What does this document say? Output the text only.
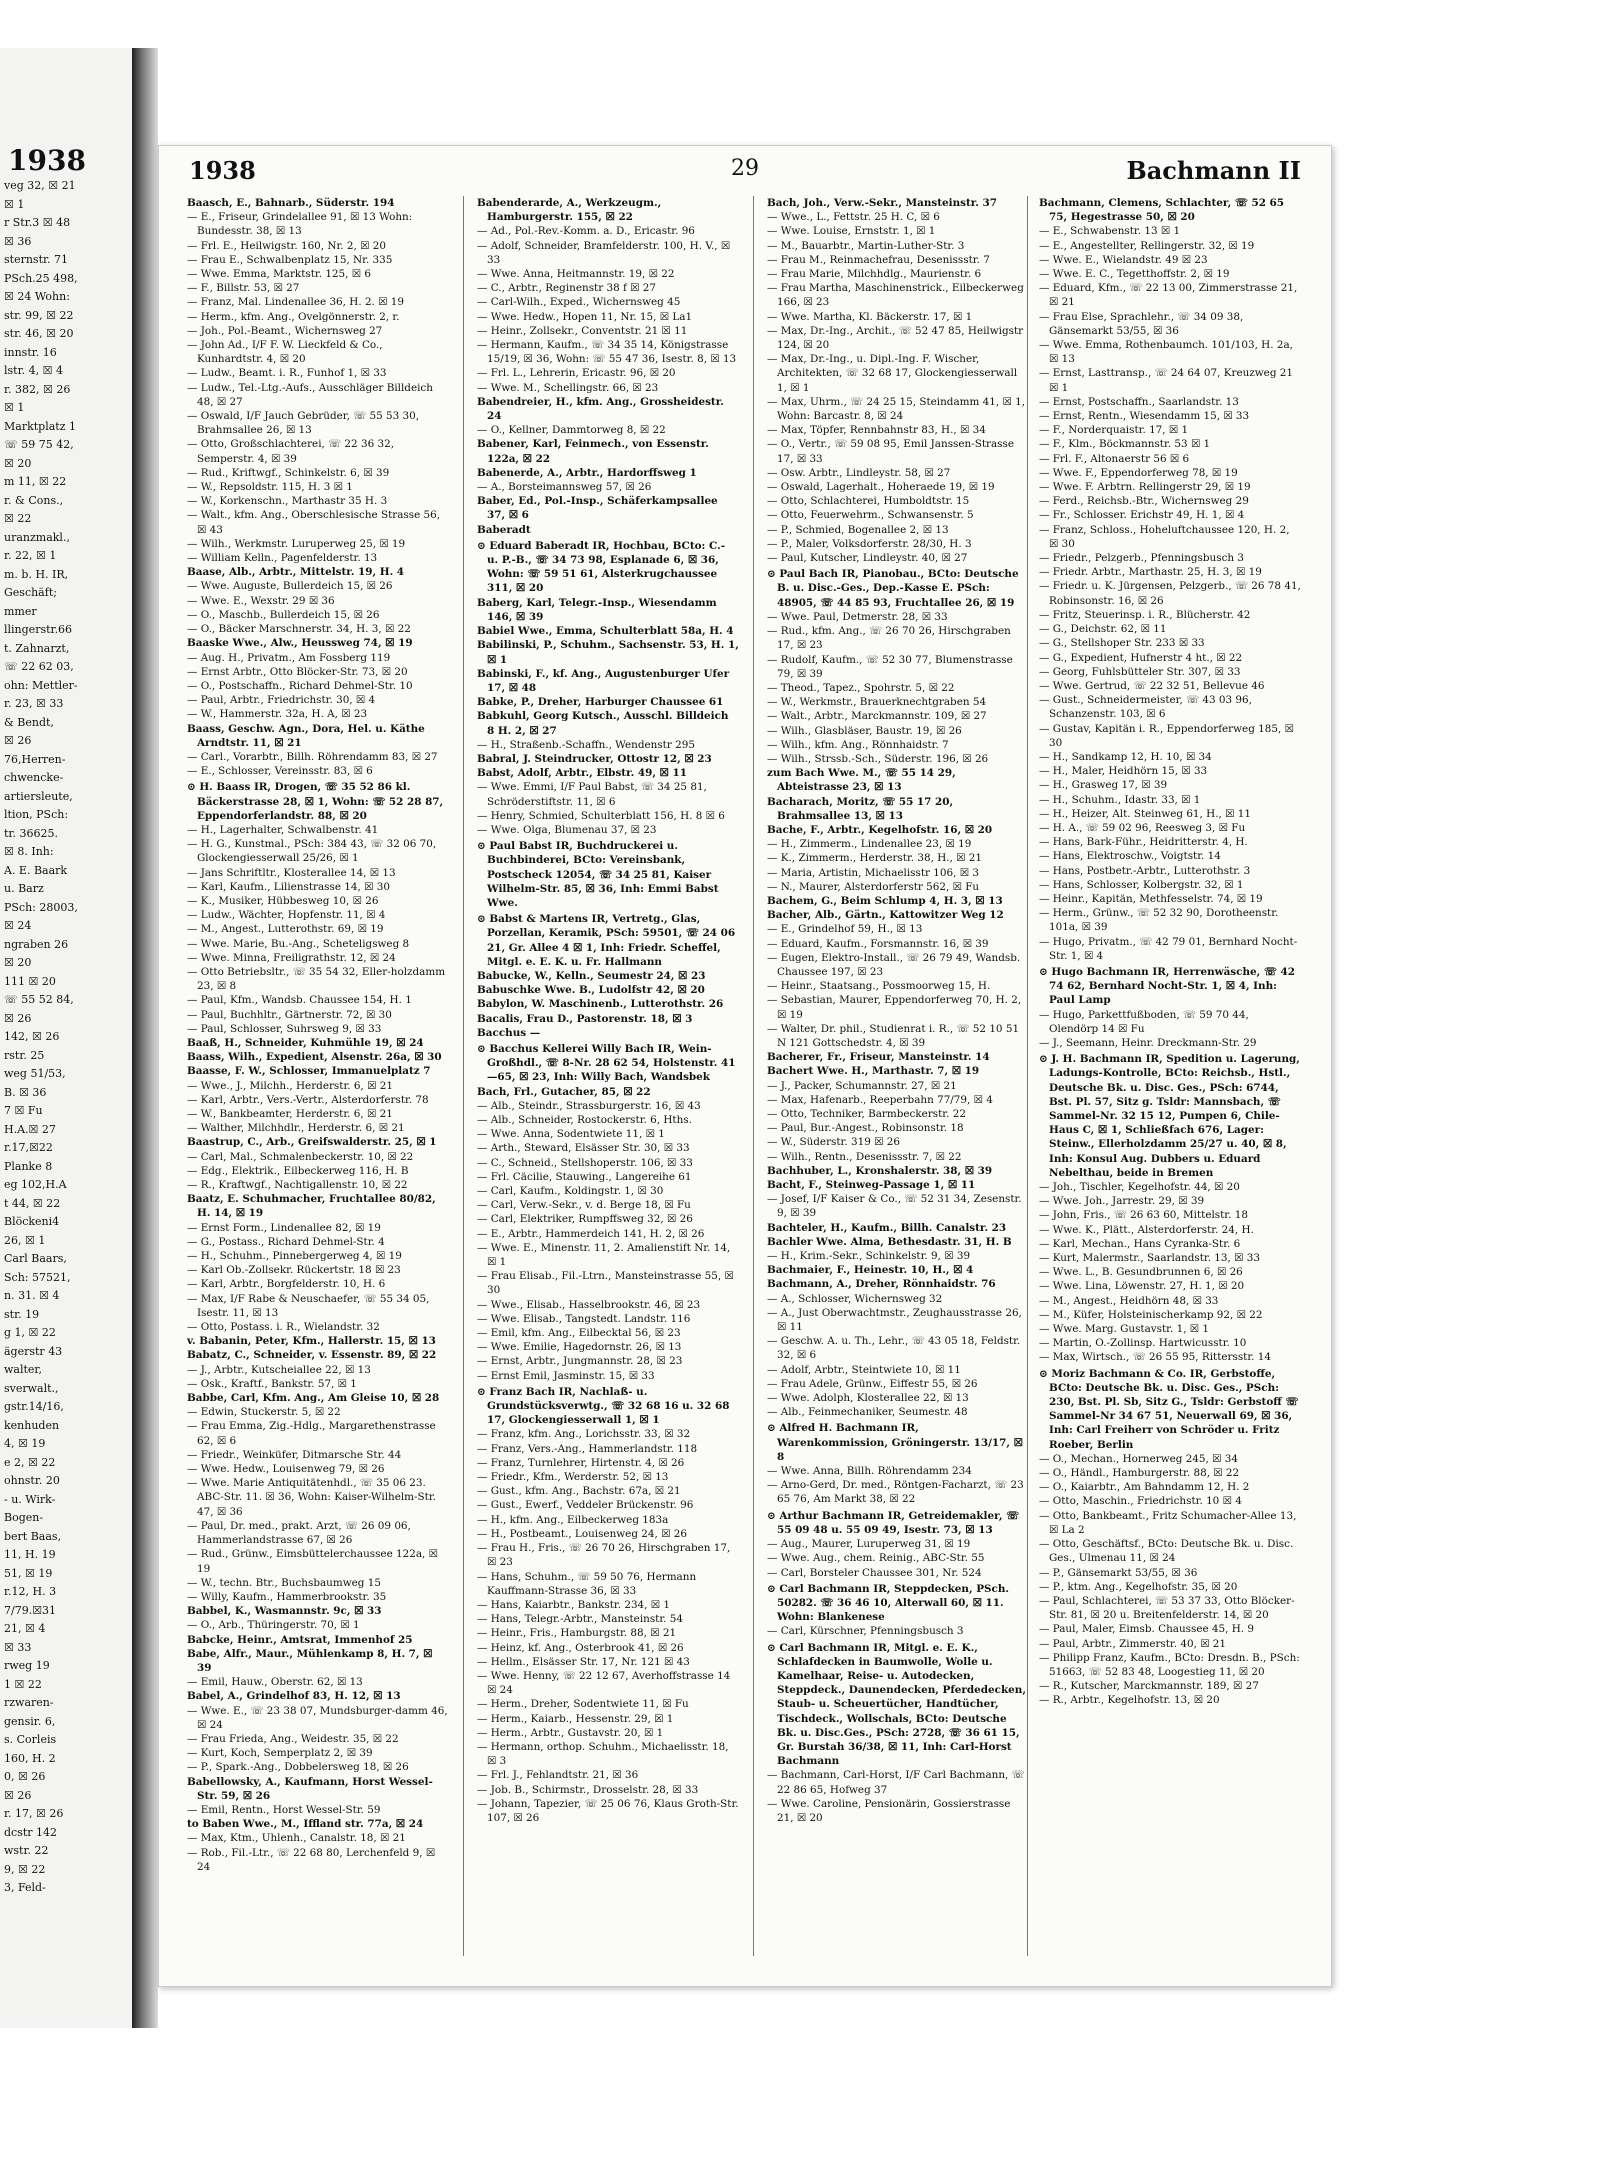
1938
veg 32, ☒ 21
☒ 1
r Str.3 ☒ 48
☒ 36
sternstr. 71
PSch.25 498,
☒ 24 Wohn:
str. 99, ☒ 22
str. 46, ☒ 20
innstr. 16
lstr. 4, ☒ 4
r. 382, ☒ 26
☒ 1
Marktplatz 1
☏ 59 75 42,
☒ 20
m 11, ☒ 22
r. & Cons.,
☒ 22
uranzmakl.,
r. 22, ☒ 1
m. b. H. IR,
Geschäft;
mmer
llingerstr.66
t. Zahnarzt,
☏ 22 62 03,
ohn: Mettler-
r. 23, ☒ 33
& Bendt,
☒ 26
76,Herren-
chwencke-
artiersleute,
ltion, PSch:
tr. 36625.
☒ 8. Inh:
A. E. Baark
u. Barz
PSch: 28003,
☒ 24
ngraben 26
☒ 20
111 ☒ 20
☏ 55 52 84,
☒ 26
142, ☒ 26
rstr. 25
weg 51/53,
B. ☒ 36
7 ☒ Fu
H.A.☒ 27
r.17,☒22
Planke 8
eg 102,H.A
t 44, ☒ 22
Blöckeni4
26, ☒ 1
Carl Baars,
Sch: 57521,
n. 31. ☒ 4
str. 19
g 1, ☒ 22
ägerstr 43
walter,
sverwalt.,
gstr.14/16,
kenhuden
4, ☒ 19
e 2, ☒ 22
ohnstr. 20
- u. Wirk-
Bogen-
bert Baas,
11, H. 19
51, ☒ 19
r.12, H. 3
7/79.☒31
21, ☒ 4
☒ 33
rweg 19
1 ☒ 22
rzwaren-
gensir. 6,
s. Corleis
160, H. 2
0, ☒ 26
☒ 26
r. 17, ☒ 26
dcstr 142
wstr. 22
9, ☒ 22
3, Feld-
1938	29	Bachmann II

Baasch, E., Bahnarb., Süderstr. 194

— E., Friseur, Grindelallee 91, ☒ 13 Wohn: Bundesstr. 38, ☒ 13

— Frl. E., Heilwigstr. 160, Nr. 2, ☒ 20

— Frau E., Schwalbenplatz 15, Nr. 335

— Wwe. Emma, Marktstr. 125, ☒ 6

— F., Billstr. 53, ☒ 27

— Franz, Mal. Lindenallee 36, H. 2. ☒ 19

— Herm., kfm. Ang., Ovelgönnerstr. 2, r.

— Joh., Pol.-Beamt., Wichernsweg 27

— John Ad., I/F F. W. Lieckfeld & Co., Kunhardtstr. 4, ☒ 20

— Ludw., Beamt. i. R., Funhof 1, ☒ 33

— Ludw., Tel.-Ltg.-Aufs., Ausschläger Billdeich 48, ☒ 27

— Oswald, I/F Jauch Gebrüder, ☏ 55 53 30, Brahmsallee 26, ☒ 13

— Otto, Großschlachterei, ☏ 22 36 32, Semperstr. 4, ☒ 39

— Rud., Kriftwgf., Schinkelstr. 6, ☒ 39

— W., Repsoldstr. 115, H. 3 ☒ 1

— W., Korkenschn., Marthastr 35 H. 3

— Walt., kfm. Ang., Oberschlesische Strasse 56, ☒ 43

— Wilh., Werkmstr. Luruperweg 25, ☒ 19

— William Kelln., Pagenfelderstr. 13

Baase, Alb., Arbtr., Mittelstr. 19, H. 4

— Wwe. Auguste, Bullerdeich 15, ☒ 26

— Wwe. E., Wexstr. 29 ☒ 36

— O., Maschb., Bullerdeich 15, ☒ 26

— O., Bäcker Marschnerstr. 34, H. 3, ☒ 22

Baaske Wwe., Alw., Heussweg 74, ☒ 19

— Aug. H., Privatm., Am Fossberg 119

— Ernst Arbtr., Otto Blöcker-Str. 73, ☒ 20

— O., Postschaffn., Richard Dehmel-Str. 10

— Paul, Arbtr., Friedrichstr. 30, ☒ 4

— W., Hammerstr. 32a, H. A, ☒ 23

Baass, Geschw. Agn., Dora, Hel. u. Käthe Arndtstr. 11, ☒ 21

— Carl., Vorarbtr., Billh. Röhrendamm 83, ☒ 27

— E., Schlosser, Vereinsstr. 83, ☒ 6

⊙ H. Baass IR, Drogen, ☏ 35 52 86 kl. Bäckerstrasse 28, ☒ 1, Wohn: ☏ 52 28 87, Eppendorferlandstr. 88, ☒ 20

— H., Lagerhalter, Schwalbenstr. 41

— H. G., Kunstmal., PSch: 384 43, ☏ 32 06 70, Glockengiesserwall 25/26, ☒ 1

— Jans Schriftltr., Klosterallee 14, ☒ 13

— Karl, Kaufm., Lilienstrasse 14, ☒ 30

— K., Musiker, Hübbesweg 10, ☒ 26

— Ludw., Wächter, Hopfenstr. 11, ☒ 4

— M., Angest., Lutterothstr. 69, ☒ 19

— Wwe. Marie, Bu.-Ang., Scheteligsweg 8

— Wwe. Minna, Freiligrathstr. 12, ☒ 24

— Otto Betriebsltr., ☏ 35 54 32, Eller-holzdamm 23, ☒ 8

— Paul, Kfm., Wandsb. Chaussee 154, H. 1

— Paul, Buchhltr., Gärtnerstr. 72, ☒ 30

— Paul, Schlosser, Suhrsweg 9, ☒ 33

Baaß, H., Schneider, Kuhmühle 19, ☒ 24

Baass, Wilh., Expedient, Alsenstr. 26a, ☒ 30

Baasse, F. W., Schlosser, Immanuelplatz 7

— Wwe., J., Milchh., Herderstr. 6, ☒ 21

— Karl, Arbtr., Vers.-Vertr., Alsterdorferstr. 78

— W., Bankbeamter, Herderstr. 6, ☒ 21

— Walther, Milchhdlr., Herderstr. 6, ☒ 21

Baastrup, C., Arb., Greifswalderstr. 25, ☒ 1

— Carl, Mal., Schmalenbeckerstr. 10, ☒ 22

— Edg., Elektrik., Eilbeckerweg 116, H. B

— R., Kraftwgf., Nachtigallenstr. 10, ☒ 22

Baatz, E. Schuhmacher, Fruchtallee 80/82, H. 14, ☒ 19

— Ernst Form., Lindenallee 82, ☒ 19

— G., Postass., Richard Dehmel-Str. 4

— H., Schuhm., Pinnebergerweg 4, ☒ 19

— Karl Ob.-Zollsekr. Rückertstr. 18 ☒ 23

— Karl, Arbtr., Borgfelderstr. 10, H. 6

— Max, I/F Rabe & Neuschaefer, ☏ 55 34 05, Isestr. 11, ☒ 13

— Otto, Postass. i. R., Wielandstr. 32

v. Babanin, Peter, Kfm., Hallerstr. 15, ☒ 13

Babatz, C., Schneider, v. Essenstr. 89, ☒ 22

— J., Arbtr., Kutscheiallee 22, ☒ 13

— Osk., Kraftf., Bankstr. 57, ☒ 1

Babbe, Carl, Kfm. Ang., Am Gleise 10, ☒ 28

— Edwin, Stuckerstr. 5, ☒ 22

— Frau Emma, Zig.-Hdlg., Margarethenstrasse 62, ☒ 6

— Friedr., Weinküfer, Ditmarsche Str. 44

— Wwe. Hedw., Louisenweg 79, ☒ 26

— Wwe. Marie Antiquitätenhdl., ☏ 35 06 23. ABC-Str. 11. ☒ 36, Wohn: Kaiser-Wilhelm-Str. 47, ☒ 36

— Paul, Dr. med., prakt. Arzt, ☏ 26 09 06, Hammerlandstrasse 67, ☒ 26

— Rud., Grünw., Eimsbüttelerchaussee 122a, ☒ 19

— W., techn. Btr., Buchsbaumweg 15

— Willy, Kaufm., Hammerbrookstr. 35

Babbel, K., Wasmannstr. 9c, ☒ 33

— O., Arb., Thüringerstr. 70, ☒ 1

Babcke, Heinr., Amtsrat, Immenhof 25

Babe, Alfr., Maur., Mühlenkamp 8, H. 7, ☒ 39

— Emil, Hauw., Oberstr. 62, ☒ 13

Babel, A., Grindelhof 83, H. 12, ☒ 13

— Wwe. E., ☏ 23 38 07, Mundsburger-damm 46, ☒ 24

— Frau Frieda, Ang., Weidestr. 35, ☒ 22

— Kurt, Koch, Semperplatz 2, ☒ 39

— P., Spark.-Ang., Dobbelersweg 18, ☒ 26

Babellowsky, A., Kaufmann, Horst Wessel-Str. 59, ☒ 26

— Emil, Rentn., Horst Wessel-Str. 59

to Baben Wwe., M., Iffland str. 77a, ☒ 24

— Max, Ktm., Uhlenh., Canalstr. 18, ☒ 21

— Rob., Fil.-Ltr., ☏ 22 68 80, Lerchenfeld 9, ☒ 24

Babenderarde, A., Werkzeugm., Hamburgerstr. 155, ☒ 22

— Ad., Pol.-Rev.-Komm. a. D., Ericastr. 96

— Adolf, Schneider, Bramfelderstr. 100, H. V., ☒ 33

— Wwe. Anna, Heitmannstr. 19, ☒ 22

— C., Arbtr., Reginenstr 38 f ☒ 27

— Carl-Wilh., Exped., Wichernsweg 45

— Wwe. Hedw., Hopen 11, Nr. 15, ☒ La1

— Heinr., Zollsekr., Conventstr. 21 ☒ 11

— Hermann, Kaufm., ☏ 34 35 14, Königstrasse 15/19, ☒ 36, Wohn: ☏ 55 47 36, Isestr. 8, ☒ 13

— Frl. L., Lehrerin, Ericastr. 96, ☒ 20

— Wwe. M., Schellingstr. 66, ☒ 23

Babendreier, H., kfm. Ang., Grossheidestr. 24

— O., Kellner, Dammtorweg 8, ☒ 22

Babener, Karl, Feinmech., von Essenstr. 122a, ☒ 22

Babenerde, A., Arbtr., Hardorffsweg 1

— A., Borsteimannsweg 57, ☒ 26

Baber, Ed., Pol.-Insp., Schäferkampsallee 37, ☒ 6

Baberadt

⊙ Eduard Baberadt IR, Hochbau, BCto: C.- u. P.-B., ☏ 34 73 98, Esplanade 6, ☒ 36, Wohn: ☏ 59 51 61, Alsterkrugchaussee 311, ☒ 20

Baberg, Karl, Telegr.-Insp., Wiesendamm 146, ☒ 39

Babiel Wwe., Emma, Schulterblatt 58a, H. 4

Babilinski, P., Schuhm., Sachsenstr. 53, H. 1, ☒ 1

Babinski, F., kf. Ang., Augustenburger Ufer 17, ☒ 48

Babke, P., Dreher, Harburger Chaussee 61

Babkuhl, Georg Kutsch., Ausschl. Billdeich 8 H. 2, ☒ 27

— H., Straßenb.-Schaffn., Wendenstr 295

Babral, J. Steindrucker, Ottostr 12, ☒ 23

Babst, Adolf, Arbtr., Elbstr. 49, ☒ 11

— Wwe. Emmi, I/F Paul Babst, ☏ 34 25 81, Schröderstiftstr. 11, ☒ 6

— Henry, Schmied, Schulterblatt 156, H. 8 ☒ 6

— Wwe. Olga, Blumenau 37, ☒ 23

⊙ Paul Babst IR, Buchdruckerei u. Buchbinderei, BCto: Vereinsbank, Postscheck 12054, ☏ 34 25 81, Kaiser Wilhelm-Str. 85, ☒ 36, Inh: Emmi Babst Wwe.

⊙ Babst & Martens IR, Vertretg., Glas, Porzellan, Keramik, PSch: 59501, ☏ 24 06 21, Gr. Allee 4 ☒ 1, Inh: Friedr. Scheffel, Mitgl. e. E. K. u. Fr. Hallmann

Babucke, W., Kelln., Seumestr 24, ☒ 23

Babuschke Wwe. B., Ludolfstr 42, ☒ 20

Babylon, W. Maschinenb., Lutterothstr. 26

Bacalis, Frau D., Pastorenstr. 18, ☒ 3

Bacchus —

⊙ Bacchus Kellerei Willy Bach IR, Wein-Großhdl., ☏ 8-Nr. 28 62 54, Holstenstr. 41—65, ☒ 23, Inh: Willy Bach, Wandsbek

Bach, Frl., Gutacher, 85, ☒ 22

— Alb., Steindr., Strassburgerstr. 16, ☒ 43

— Alb., Schneider, Rostockerstr. 6, Hths.

— Wwe. Anna, Sodentwiete 11, ☒ 1

— Arth., Steward, Elsässer Str. 30, ☒ 33

— C., Schneid., Stellshoperstr. 106, ☒ 33

— Frl. Cäcilie, Stauwing., Langereihe 61

— Carl, Kaufm., Koldingstr. 1, ☒ 30

— Carl, Verw.-Sekr., v. d. Berge 18, ☒ Fu

— Carl, Elektriker, Rumpffsweg 32, ☒ 26

— E., Arbtr., Hammerdeich 141, H. 2, ☒ 26

— Wwe. E., Minenstr. 11, 2. Amalienstift Nr. 14, ☒ 1

— Frau Elisab., Fil.-Ltrn., Mansteinstrasse 55, ☒ 30

— Wwe., Elisab., Hasselbrookstr. 46, ☒ 23

— Wwe. Elisab., Tangstedt. Landstr. 116

— Emil, kfm. Ang., Eilbecktal 56, ☒ 23

— Wwe. Emilie, Hagedornstr. 26, ☒ 13

— Ernst, Arbtr., Jungmannstr. 28, ☒ 23

— Ernst Emil, Jasminstr. 15, ☒ 33

⊙ Franz Bach IR, Nachlaß- u. Grundstücksverwtg., ☏ 32 68 16 u. 32 68 17, Glockengiesserwall 1, ☒ 1

— Franz, kfm. Ang., Lorichsstr. 33, ☒ 32

— Franz, Vers.-Ang., Hammerlandstr. 118

— Franz, Turnlehrer, Hirtenstr. 4, ☒ 26

— Friedr., Kfm., Werderstr. 52, ☒ 13

— Gust., kfm. Ang., Bachstr. 67a, ☒ 21

— Gust., Ewerf., Veddeler Brückenstr. 96

— H., kfm. Ang., Eilbeckerweg 183a

— H., Postbeamt., Louisenweg 24, ☒ 26

— Frau H., Fris., ☏ 26 70 26, Hirschgraben 17, ☒ 23

— Hans, Schuhm., ☏ 59 50 76, Hermann Kauffmann-Strasse 36, ☒ 33

— Hans, Kaiarbtr., Bankstr. 234, ☒ 1

— Hans, Telegr.-Arbtr., Mansteinstr. 54

— Heinr., Fris., Hamburgstr. 88, ☒ 21

— Heinz, kf. Ang., Osterbrook 41, ☒ 26

— Hellm., Elsässer Str. 17, Nr. 121 ☒ 43

— Wwe. Henny, ☏ 22 12 67, Averhoffstrasse 14 ☒ 24

— Herm., Dreher, Sodentwiete 11, ☒ Fu

— Herm., Kaiarb., Hessenstr. 29, ☒ 1

— Herm., Arbtr., Gustavstr. 20, ☒ 1

— Hermann, orthop. Schuhm., Michaelisstr. 18, ☒ 3

— Frl. J., Fehlandtstr. 21, ☒ 36

— Job. B., Schirmstr., Drosselstr. 28, ☒ 33

— Johann, Tapezier, ☏ 25 06 76, Klaus Groth-Str. 107, ☒ 26

Bach, Joh., Verw.-Sekr., Mansteinstr. 37

— Wwe., L., Fettstr. 25 H. C, ☒ 6

— Wwe. Louise, Ernststr. 1, ☒ 1

— M., Bauarbtr., Martin-Luther-Str. 3

— Frau M., Reinmachefrau, Desenissstr. 7

— Frau Marie, Milchhdlg., Maurienstr. 6

— Frau Martha, Maschinenstrick., Eilbeckerweg 166, ☒ 23

— Wwe. Martha, Kl. Bäckerstr. 17, ☒ 1

— Max, Dr.-Ing., Archit., ☏ 52 47 85, Heilwigstr 124, ☒ 20

— Max, Dr.-Ing., u. Dipl.-Ing. F. Wischer, Architekten, ☏ 32 68 17, Glockengiesserwall 1, ☒ 1

— Max, Uhrm., ☏ 24 25 15, Steindamm 41, ☒ 1, Wohn: Barcastr. 8, ☒ 24

— Max, Töpfer, Rennbahnstr 83, H., ☒ 34

— O., Vertr., ☏ 59 08 95, Emil Janssen-Strasse 17, ☒ 33

— Osw. Arbtr., Lindleystr. 58, ☒ 27

— Oswald, Lagerhalt., Hoheraede 19, ☒ 19

— Otto, Schlachterei, Humboldtstr. 15

— Otto, Feuerwehrm., Schwansenstr. 5

— P., Schmied, Bogenallee 2, ☒ 13

— P., Maler, Volksdorferstr. 28/30, H. 3

— Paul, Kutscher, Lindleystr. 40, ☒ 27

⊙ Paul Bach IR, Pianobau., BCto: Deutsche B. u. Disc.-Ges., Dep.-Kasse E. PSch: 48905, ☏ 44 85 93, Fruchtallee 26, ☒ 19

— Wwe. Paul, Detmerstr. 28, ☒ 33

— Rud., kfm. Ang., ☏ 26 70 26, Hirschgraben 17, ☒ 23

— Rudolf, Kaufm., ☏ 52 30 77, Blumenstrasse 79, ☒ 39

— Theod., Tapez., Spohrstr. 5, ☒ 22

— W., Werkmstr., Brauerknechtgraben 54

— Walt., Arbtr., Marckmannstr. 109, ☒ 27

— Wilh., Glasbläser, Baustr. 19, ☒ 26

— Wilh., kfm. Ang., Rönnhaidstr. 7

— Wilh., Strssb.-Sch., Süderstr. 196, ☒ 26

zum Bach Wwe. M., ☏ 55 14 29, Abteistrasse 23, ☒ 13

Bacharach, Moritz, ☏ 55 17 20, Brahmsallee 13, ☒ 13

Bache, F., Arbtr., Kegelhofstr. 16, ☒ 20

— H., Zimmerm., Lindenallee 23, ☒ 19

— K., Zimmerm., Herderstr. 38, H., ☒ 21

— Maria, Artistin, Michaelisstr 106, ☒ 3

— N., Maurer, Alsterdorferstr 562, ☒ Fu

Bachem, G., Beim Schlump 4, H. 3, ☒ 13

Bacher, Alb., Gärtn., Kattowitzer Weg 12

— E., Grindelhof 59, H., ☒ 13

— Eduard, Kaufm., Forsmannstr. 16, ☒ 39

— Eugen, Elektro-Install., ☏ 26 79 49, Wandsb. Chaussee 197, ☒ 23

— Heinr., Staatsang., Possmoorweg 15, H.

— Sebastian, Maurer, Eppendorferweg 70, H. 2, ☒ 19

— Walter, Dr. phil., Studienrat i. R., ☏ 52 10 51 N 121 Gottschedstr. 4, ☒ 39

Bacherer, Fr., Friseur, Mansteinstr. 14

Bachert Wwe. H., Marthastr. 7, ☒ 19

— J., Packer, Schumannstr. 27, ☒ 21

— Max, Hafenarb., Reeperbahn 77/79, ☒ 4

— Otto, Techniker, Barmbeckerstr. 22

— Paul, Bur.-Angest., Robinsonstr. 18

— W., Süderstr. 319 ☒ 26

— Wilh., Rentn., Desenissstr. 7, ☒ 22

Bachhuber, L., Kronshalerstr. 38, ☒ 39

Bacht, F., Steinweg-Passage 1, ☒ 11

— Josef, I/F Kaiser & Co., ☏ 52 31 34, Zesenstr. 9, ☒ 39

Bachteler, H., Kaufm., Billh. Canalstr. 23

Bachler Wwe. Alma, Bethesdastr. 31, H. B

— H., Krim.-Sekr., Schinkelstr. 9, ☒ 39

Bachmaier, F., Heinestr. 10, H., ☒ 4

Bachmann, A., Dreher, Rönnhaidstr. 76

— A., Schlosser, Wichernsweg 32

— A., Just Oberwachtmstr., Zeughausstrasse 26, ☒ 11

— Geschw. A. u. Th., Lehr., ☏ 43 05 18, Feldstr. 32, ☒ 6

— Adolf, Arbtr., Steintwiete 10, ☒ 11

— Frau Adele, Grünw., Eiffestr 55, ☒ 26

— Wwe. Adolph, Klosterallee 22, ☒ 13

— Alb., Feinmechaniker, Seumestr. 48

⊙ Alfred H. Bachmann IR, Warenkommission, Gröningerstr. 13/17, ☒ 8

— Wwe. Anna, Billh. Röhrendamm 234

— Arno-Gerd, Dr. med., Röntgen-Facharzt, ☏ 23 65 76, Am Markt 38, ☒ 22

⊙ Arthur Bachmann IR, Getreidemakler, ☏ 55 09 48 u. 55 09 49, Isestr. 73, ☒ 13

— Aug., Maurer, Luruperweg 31, ☒ 19

— Wwe. Aug., chem. Reinig., ABC-Str. 55

— Carl, Borsteler Chaussee 301, Nr. 524

⊙ Carl Bachmann IR, Steppdecken, PSch. 50282. ☏ 36 46 10, Alterwall 60, ☒ 11. Wohn: Blankenese

— Carl, Kürschner, Pfenningsbusch 3

⊙ Carl Bachmann IR, Mitgl. e. E. K., Schlafdecken in Baumwolle, Wolle u. Kamelhaar, Reise- u. Autodecken, Steppdeck., Daunendecken, Pferdedecken, Staub- u. Scheuertücher, Handtücher, Tischdeck., Wollschals, BCto: Deutsche Bk. u. Disc.Ges., PSch: 2728, ☏ 36 61 15, Gr. Burstah 36/38, ☒ 11, Inh: Carl-Horst Bachmann

— Bachmann, Carl-Horst, I/F Carl Bachmann, ☏ 22 86 65, Hofweg 37

— Wwe. Caroline, Pensionärin, Gossierstrasse 21, ☒ 20

Bachmann, Clemens, Schlachter, ☏ 52 65 75, Hegestrasse 50, ☒ 20

— E., Schwabenstr. 13 ☒ 1

— E., Angestellter, Rellingerstr. 32, ☒ 19

— Wwe. E., Wielandstr. 49 ☒ 23

— Wwe. E. C., Tegetthoffstr. 2, ☒ 19

— Eduard, Kfm., ☏ 22 13 00, Zimmerstrasse 21, ☒ 21

— Frau Else, Sprachlehr., ☏ 34 09 38, Gänsemarkt 53/55, ☒ 36

— Wwe. Emma, Rothenbaumch. 101/103, H. 2a, ☒ 13

— Ernst, Lasttransp., ☏ 24 64 07, Kreuzweg 21 ☒ 1

— Ernst, Postschaffn., Saarlandstr. 13

— Ernst, Rentn., Wiesendamm 15, ☒ 33

— F., Norderquaistr. 17, ☒ 1

— F., Klm., Böckmannstr. 53 ☒ 1

— Frl. F., Altonaerstr 56 ☒ 6

— Wwe. F., Eppendorferweg 78, ☒ 19

— Wwe. F. Arbtrn. Rellingerstr 29, ☒ 19

— Ferd., Reichsb.-Btr., Wichernsweg 29

— Fr., Schlosser. Erichstr 49, H. 1, ☒ 4

— Franz, Schloss., Hoheluftchaussee 120, H. 2, ☒ 30

— Friedr., Pelzgerb., Pfenningsbusch 3

— Friedr. Arbtr., Marthastr. 25, H. 3, ☒ 19

— Friedr. u. K. Jürgensen, Pelzgerb., ☏ 26 78 41, Robinsonstr. 16, ☒ 26

— Fritz, Steuerinsp. i. R., Blücherstr. 42

— G., Deichstr. 62, ☒ 11

— G., Stellshoper Str. 233 ☒ 33

— G., Expedient, Hufnerstr 4 ht., ☒ 22

— Georg, Fuhlsbütteler Str. 307, ☒ 33

— Wwe. Gertrud, ☏ 22 32 51, Bellevue 46

— Gust., Schneidermeister, ☏ 43 03 96, Schanzenstr. 103, ☒ 6

— Gustav, Kapitän i. R., Eppendorferweg 185, ☒ 30

— H., Sandkamp 12, H. 10, ☒ 34

— H., Maler, Heidhörn 15, ☒ 33

— H., Grasweg 17, ☒ 39

— H., Schuhm., Idastr. 33, ☒ 1

— H., Heizer, Alt. Steinweg 61, H., ☒ 11

— H. A., ☏ 59 02 96, Reesweg 3, ☒ Fu

— Hans, Bark-Führ., Heidritterstr. 4, H.

— Hans, Elektroschw., Voigtstr. 14

— Hans, Postbetr.-Arbtr., Lutterothstr. 3

— Hans, Schlosser, Kolbergstr. 32, ☒ 1

— Heinr., Kapitän, Methfesselstr. 74, ☒ 19

— Herm., Grünw., ☏ 52 32 90, Dorotheenstr. 101a, ☒ 39

— Hugo, Privatm., ☏ 42 79 01, Bernhard Nocht-Str. 1, ☒ 4

⊙ Hugo Bachmann IR, Herrenwäsche, ☏ 42 74 62, Bernhard Nocht-Str. 1, ☒ 4, Inh: Paul Lamp

— Hugo, Parkettfußboden, ☏ 59 70 44, Olendörp 14 ☒ Fu

— J., Seemann, Heinr. Dreckmann-Str. 29

⊙ J. H. Bachmann IR, Spedition u. Lagerung, Ladungs-Kontrolle, BCto: Reichsb., Hstl., Deutsche Bk. u. Disc. Ges., PSch: 6744, Bst. Pl. 57, Sitz g. Tsldr: Mannsbach, ☏ Sammel-Nr. 32 15 12, Pumpen 6, Chile-Haus C, ☒ 1, Schließfach 676, Lager: Steinw., Ellerholzdamm 25/27 u. 40, ☒ 8, Inh: Konsul Aug. Dubbers u. Eduard Nebelthau, beide in Bremen

— Joh., Tischler, Kegelhofstr. 44, ☒ 20

— Wwe. Joh., Jarrestr. 29, ☒ 39

— John, Fris., ☏ 26 63 60, Mittelstr. 18

— Wwe. K., Plätt., Alsterdorferstr. 24, H.

— Karl, Mechan., Hans Cyranka-Str. 6

— Kurt, Malermstr., Saarlandstr. 13, ☒ 33

— Wwe. L., B. Gesundbrunnen 6, ☒ 26

— Wwe. Lina, Löwenstr. 27, H. 1, ☒ 20

— M., Angest., Heidhörn 48, ☒ 33

— M., Küfer, Holsteinischerkamp 92, ☒ 22

— Wwe. Marg. Gustavstr. 1, ☒ 1

— Martin, O.-Zollinsp. Hartwicusstr. 10

— Max, Wirtsch., ☏ 26 55 95, Rittersstr. 14

⊙ Moriz Bachmann & Co. IR, Gerbstoffe, BCto: Deutsche Bk. u. Disc. Ges., PSch: 230, Bst. Pl. Sb, Sitz G., Tsldr: Gerbstoff ☏ Sammel-Nr 34 67 51, Neuerwall 69, ☒ 36, Inh: Carl Freiherr von Schröder u. Fritz Roeber, Berlin

— O., Mechan., Hornerweg 245, ☒ 34

— O., Händl., Hamburgerstr. 88, ☒ 22

— O., Kaiarbtr., Am Bahndamm 12, H. 2

— Otto, Maschin., Friedrichstr. 10 ☒ 4

— Otto, Bankbeamt., Fritz Schumacher-Allee 13, ☒ La 2

— Otto, Geschäftsf., BCto: Deutsche Bk. u. Disc. Ges., Ulmenau 11, ☒ 24

— P., Gänsemarkt 53/55, ☒ 36

— P., ktm. Ang., Kegelhofstr. 35, ☒ 20

— Paul, Schlachterei, ☏ 53 37 33, Otto Blöcker-Str. 81, ☒ 20 u. Breitenfelderstr. 14, ☒ 20

— Paul, Maler, Eimsb. Chaussee 45, H. 9

— Paul, Arbtr., Zimmerstr. 40, ☒ 21

— Philipp Franz, Kaufm., BCto: Dresdn. B., PSch: 51663, ☏ 52 83 48, Loogestieg 11, ☒ 20

— R., Kutscher, Marckmannstr. 189, ☒ 27

— R., Arbtr., Kegelhofstr. 13, ☒ 20
